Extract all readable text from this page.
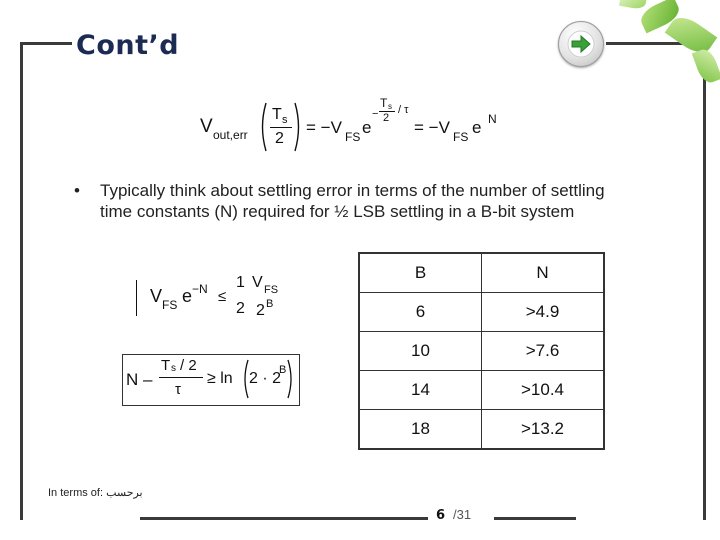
Cont’d
V out,err
T s
2
= −V FS e
−
T s
2
/ τ
= −V FS e N
• Typically think about settling error in terms of the number of settling
time constants (N) required for ½ LSB settling in a B-bit system
V FS e −N ≤
1
2
V FS
2 B
N –
T s / 2
τ
≥ ln 2 · 2
B
B	N
6	>4.9
10	>7.6
14	>10.4
18	>13.2
In terms of: برحسب
6 /31
